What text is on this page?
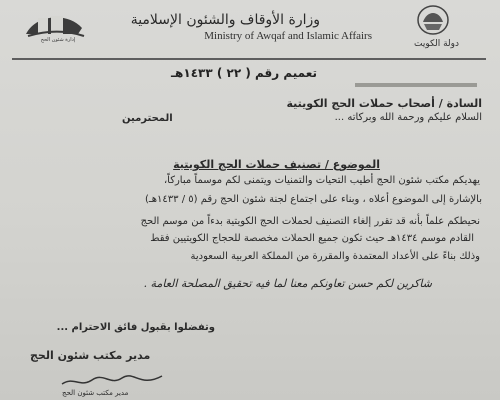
إدارة شئون الحج
وزارة الأوقاف والشئون الإسلامية
Ministry of Awqaf and Islamic Affairs
دولة الكويت
تعميم رقم ( ٢٢ ) ١٤٣٣هـ
السادة / أصحاب حملات الحج الكويتية
السلام عليكم ورحمة الله وبركاته ...
المحترمين
الموضوع / تصنيف حملات الحج الكويتية
يهديكم مكتب شئون الحج أطيب التحيات والتمنيات ويتمنى لكم موسماً مباركاً،
بالإشارة إلى الموضوع أعلاه ، وبناء على اجتماع لجنة شئون الحج رقم (٥ / ١٤٣٣هـ)
نحيطكم علماً بأنه قد تقرر إلغاء التصنيف لحملات الحج الكويتية بدءاً من موسم الحج
القادم موسم ١٤٣٤هـ حيث تكون جميع الحملات مخصصة للحجاج الكويتيين فقط
وذلك بناءً على الأعداد المعتمدة والمقررة من المملكة العربية السعودية
شاكرين لكم حسن تعاونكم معنا لما فيه تحقيق المصلحة العامة .
وتفضلوا بقبول فائق الاحترام ...
مدير مكتب شئون الحج
مدير مكتب شئون الحج
